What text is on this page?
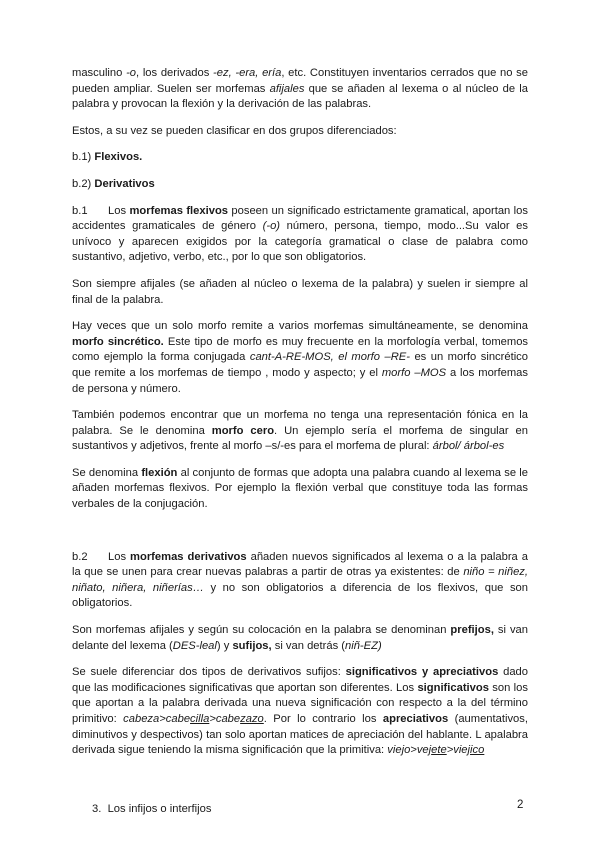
masculino -o, los derivados -ez, -era, ería, etc. Constituyen inventarios cerrados que no se pueden ampliar. Suelen ser morfemas afijales que se añaden al lexema o al núcleo de la palabra y provocan la flexión y la derivación de las palabras.

Estos, a su vez se pueden clasificar en dos grupos diferenciados:

b.1) Flexivos.

b.2) Derivativos

b.1 Los morfemas flexivos poseen un significado estrictamente gramatical, aportan los accidentes gramaticales de género (-o) número, persona, tiempo, modo...Su valor es unívoco y aparecen exigidos por la categoría gramatical o clase de palabra como sustantivo, adjetivo, verbo, etc., por lo que son obligatorios.

Son siempre afijales (se añaden al núcleo o lexema de la palabra) y suelen ir siempre al final de la palabra.

Hay veces que un solo morfo remite a varios morfemas simultáneamente, se denomina morfo sincrético. Este tipo de morfo es muy frecuente en la morfología verbal, tomemos como ejemplo la forma conjugada cant-A-RE-MOS, el morfo –RE- es un morfo sincrético que remite a los morfemas de tiempo , modo y aspecto; y el morfo –MOS a los morfemas de persona y número.

También podemos encontrar que un morfema no tenga una representación fónica en la palabra. Se le denomina morfo cero. Un ejemplo sería el morfema de singular en sustantivos y adjetivos, frente al morfo –s/-es para el morfema de plural: árbol/ árbol-es

Se denomina flexión al conjunto de formas que adopta una palabra cuando al lexema se le añaden morfemas flexivos. Por ejemplo la flexión verbal que constituye toda las formas verbales de la conjugación.

b.2 Los morfemas derivativos añaden nuevos significados al lexema o a la palabra a la que se unen para crear nuevas palabras a partir de otras ya existentes: de niño = niñez, niñato, niñera, niñerías… y no son obligatorios a diferencia de los flexivos, que son obligatorios.

Son morfemas afijales y según su colocación en la palabra se denominan prefijos, si van delante del lexema (DES-leal) y sufijos, si van detrás (niñ-EZ)

Se suele diferenciar dos tipos de derivativos sufijos: significativos y apreciativos dado que las modificaciones significativas que aportan son diferentes. Los significativos son los que aportan a la palabra derivada una nueva significación con respecto a la del término primitivo: cabeza>cabecilla>cabezazo. Por lo contrario los apreciativos (aumentativos, diminutivos y despectivos) tan solo aportan matices de apreciación del hablante. L apalabra derivada sigue teniendo la misma significación que la primitiva: viejo>vejete>viejico

3. Los infijos o interfijos	2
